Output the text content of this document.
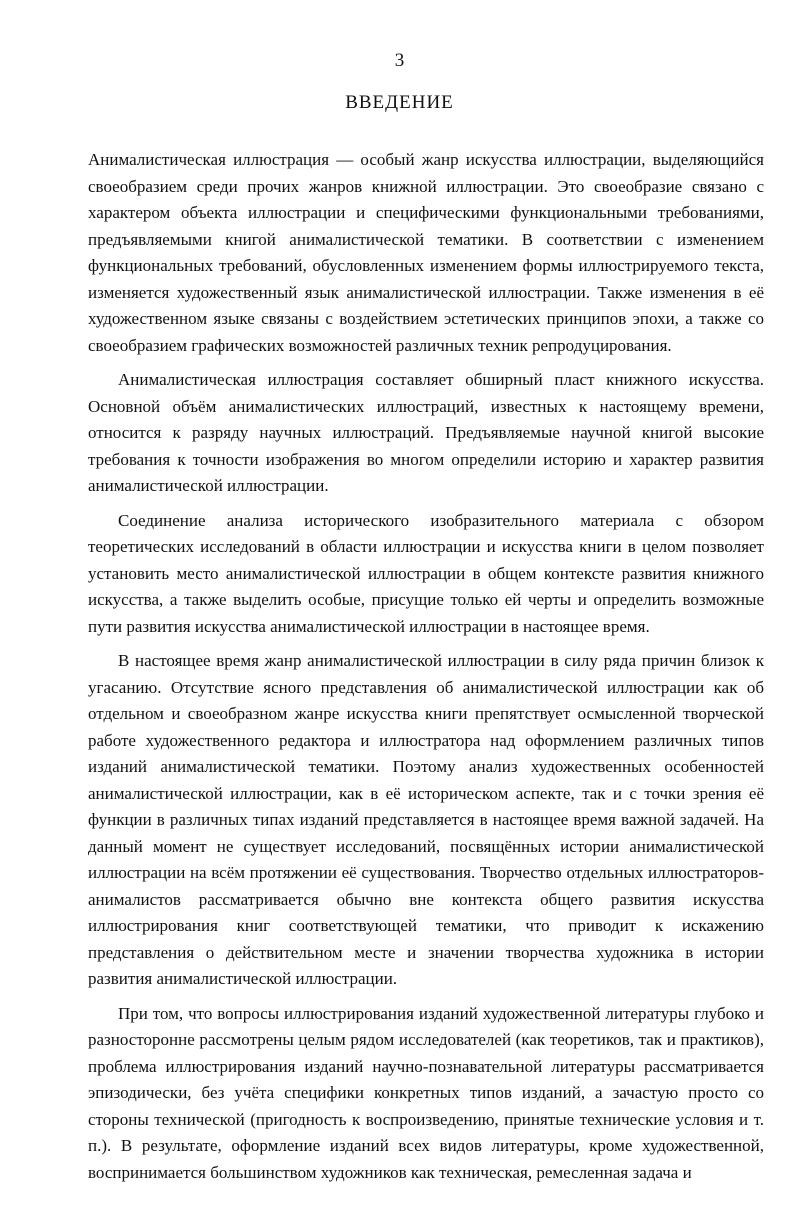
3
ВВЕДЕНИЕ

Анималистическая иллюстрация — особый жанр искусства иллюстрации, выделяющийся своеобразием среди прочих жанров книжной иллюстрации. Это своеобразие связано с характером объекта иллюстрации и специфическими функциональными требованиями, предъявляемыми книгой анималистической тематики. В соответствии с изменением функциональных требований, обусловленных изменением формы иллюстрируемого текста, изменяется художественный язык анималистической иллюстрации. Также изменения в её художественном языке связаны с воздействием эстетических принципов эпохи, а также со своеобразием графических возможностей различных техник репродуцирования.

Анималистическая иллюстрация составляет обширный пласт книжного искусства. Основной объём анималистических иллюстраций, известных к настоящему времени, относится к разряду научных иллюстраций. Предъявляемые научной книгой высокие требования к точности изображения во многом определили историю и характер развития анималистической иллюстрации.

Соединение анализа исторического изобразительного материала с обзором теоретических исследований в области иллюстрации и искусства книги в целом позволяет установить место анималистической иллюстрации в общем контексте развития книжного искусства, а также выделить особые, присущие только ей черты и определить возможные пути развития искусства анималистической иллюстрации в настоящее время.

В настоящее время жанр анималистической иллюстрации в силу ряда причин близок к угасанию. Отсутствие ясного представления об анималистической иллюстрации как об отдельном и своеобразном жанре искусства книги препятствует осмысленной творческой работе художественного редактора и иллюстратора над оформлением различных типов изданий анималистической тематики. Поэтому анализ художественных особенностей анималистической иллюстрации, как в её историческом аспекте, так и с точки зрения её функции в различных типах изданий представляется в настоящее время важной задачей. На данный момент не существует исследований, посвящённых истории анималистической иллюстрации на всём протяжении её существования. Творчество отдельных иллюстраторов-анималистов рассматривается обычно вне контекста общего развития искусства иллюстрирования книг соответствующей тематики, что приводит к искажению представления о действительном месте и значении творчества художника в истории развития анималистической иллюстрации.

При том, что вопросы иллюстрирования изданий художественной литературы глубоко и разносторонне рассмотрены целым рядом исследователей (как теоретиков, так и практиков), проблема иллюстрирования изданий научно-познавательной литературы рассматривается эпизодически, без учёта специфики конкретных типов изданий, а зачастую просто со стороны технической (пригодность к воспроизведению, принятые технические условия и т. п.). В результате, оформление изданий всех видов литературы, кроме художественной, воспринимается большинством художников как техническая, ремесленная задача и
